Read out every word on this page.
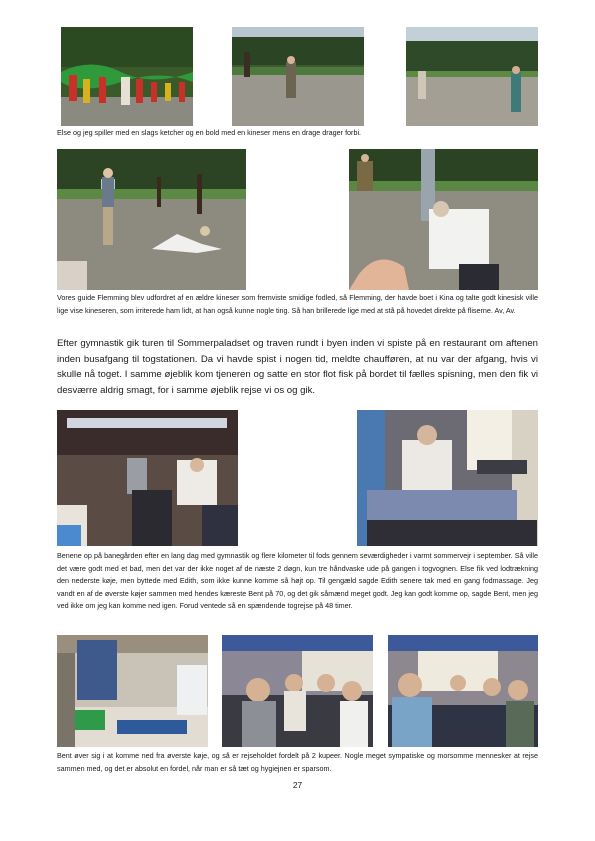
Else og jeg spiller med en slags ketcher og en bold med en kineser mens en drage drager forbi.
Vores guide Flemming blev udfordret af en ældre kineser som fremviste smidige fodled, så Flemming, der havde boet i Kina og talte godt kinesisk ville lige vise kineseren, som irriterede ham lidt, at han også kunne nogle ting. Så han brillerede lige med at stå på hovedet direkte på fliserne. Av, Av.
Efter gymnastik gik turen til Sommerpaladset og traven rundt i byen inden vi spiste på en restaurant om aftenen inden busafgang til togstationen. Da vi havde spist i nogen tid, meldte chaufføren, at nu var der afgang, hvis vi skulle nå toget. I samme øjeblik kom tjeneren og satte en stor flot fisk på bordet til fælles spisning, men den fik vi desværre aldrig smagt, for i samme øjeblik rejse vi os og gik.
Benene op på banegården efter en lang dag med gymnastik og flere kilometer til fods gennem seværdigheder i varmt sommervejr i september. Så ville det være godt med et bad, men det var der ikke noget af de næste 2 døgn, kun tre håndvaske ude på gangen i togvognen. Else fik ved lodtrækning den nederste køje, men byttede med Edith, som ikke kunne komme så højt op. Til gengæld sagde Edith senere tak med en gang fodmassage. Jeg vandt en af de øverste køjer sammen med hendes kæreste Bent på 70, og det gik såmænd meget godt. Jeg kan godt komme op, sagde Bent, men jeg ved ikke om jeg kan komme ned igen. Forud ventede så en spændende togrejse på 48 timer.
Bent øver sig i at komme ned fra øverste køje, og så er rejseholdet fordelt på 2 kupeer. Nogle meget sympatiske og morsomme mennesker at rejse sammen med, og det er absolut en fordel, når man er så tæt og hygiejnen er sparsom.
27
